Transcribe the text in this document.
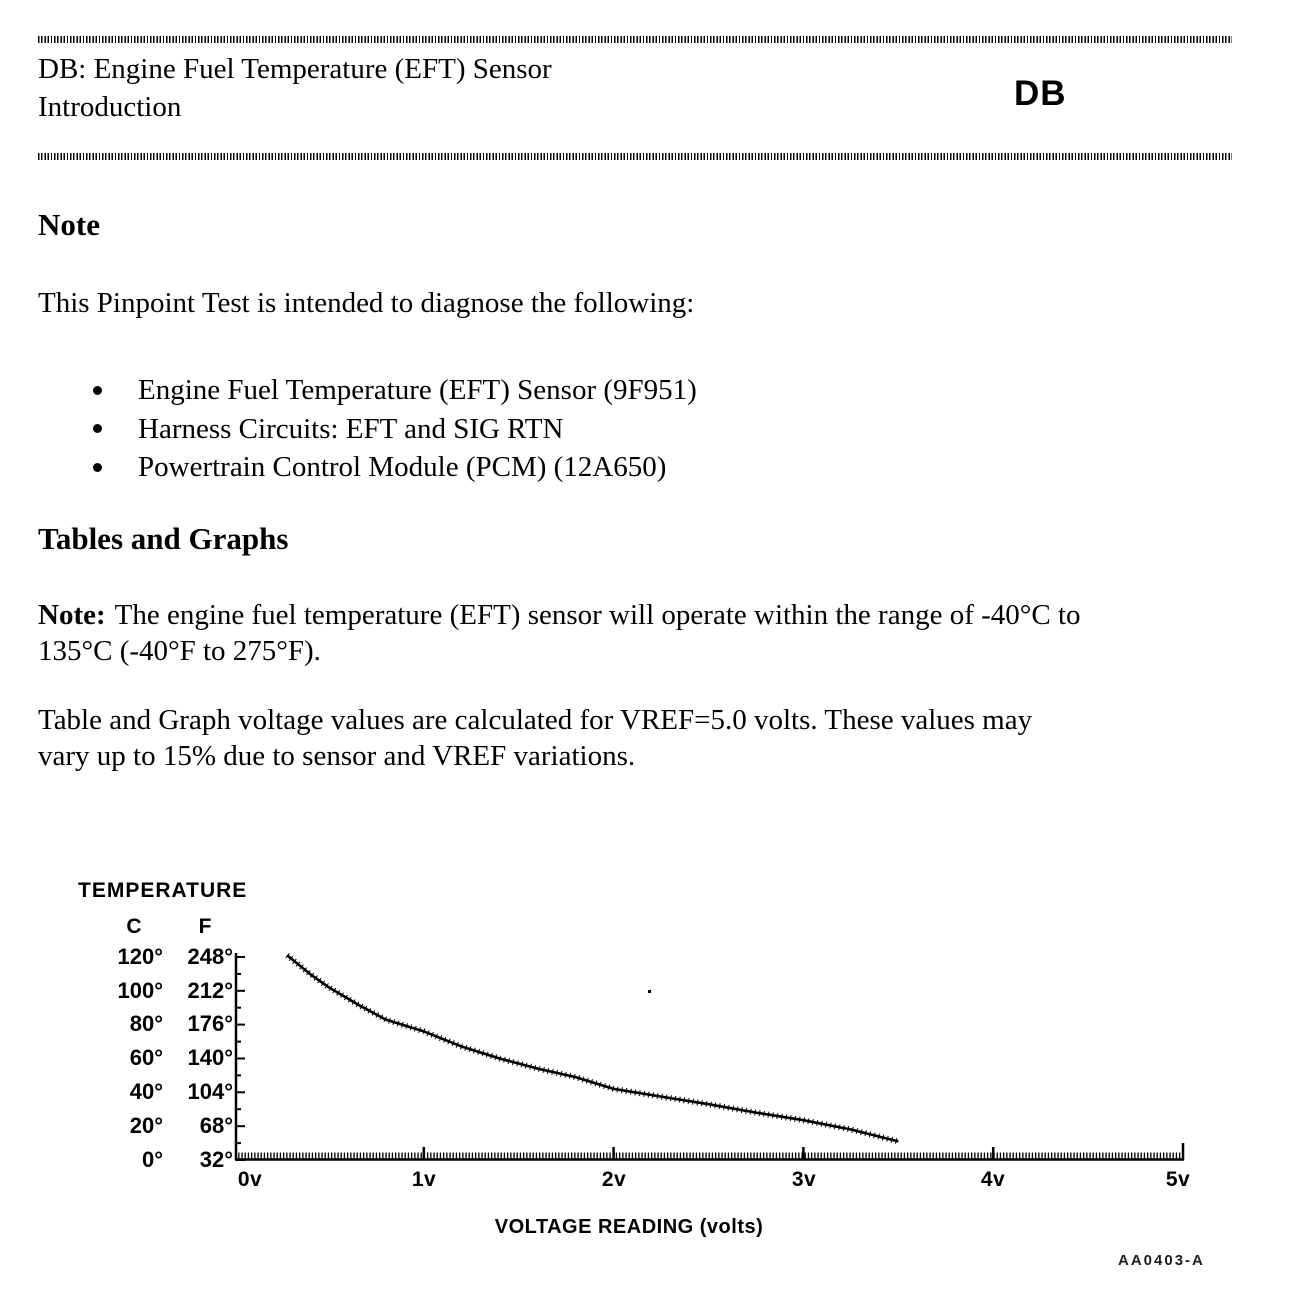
DB: Engine Fuel Temperature (EFT) Sensor
Introduction	DB
Note

This Pinpoint Test is intended to diagnose the following:

Engine Fuel Temperature (EFT) Sensor (9F951)
Harness Circuits: EFT and SIG RTN
Powertrain Control Module (PCM) (12A650)
Tables and Graphs

Note: The engine fuel temperature (EFT) sensor will operate within the range of -40°C to
135°C (-40°F to 275°F).

Table and Graph voltage values are calculated for VREF=5.0 volts. These values may
vary up to 15% due to sensor and VREF variations.

TEMPERATURE
C	F
120°	248°
100°	212°
80°	176°
60°	140°
40°	104°
20°	68°
0°	32°
0v	1v	2v	3v	4v	5v
VOLTAGE READING (volts)
AA0403-A
